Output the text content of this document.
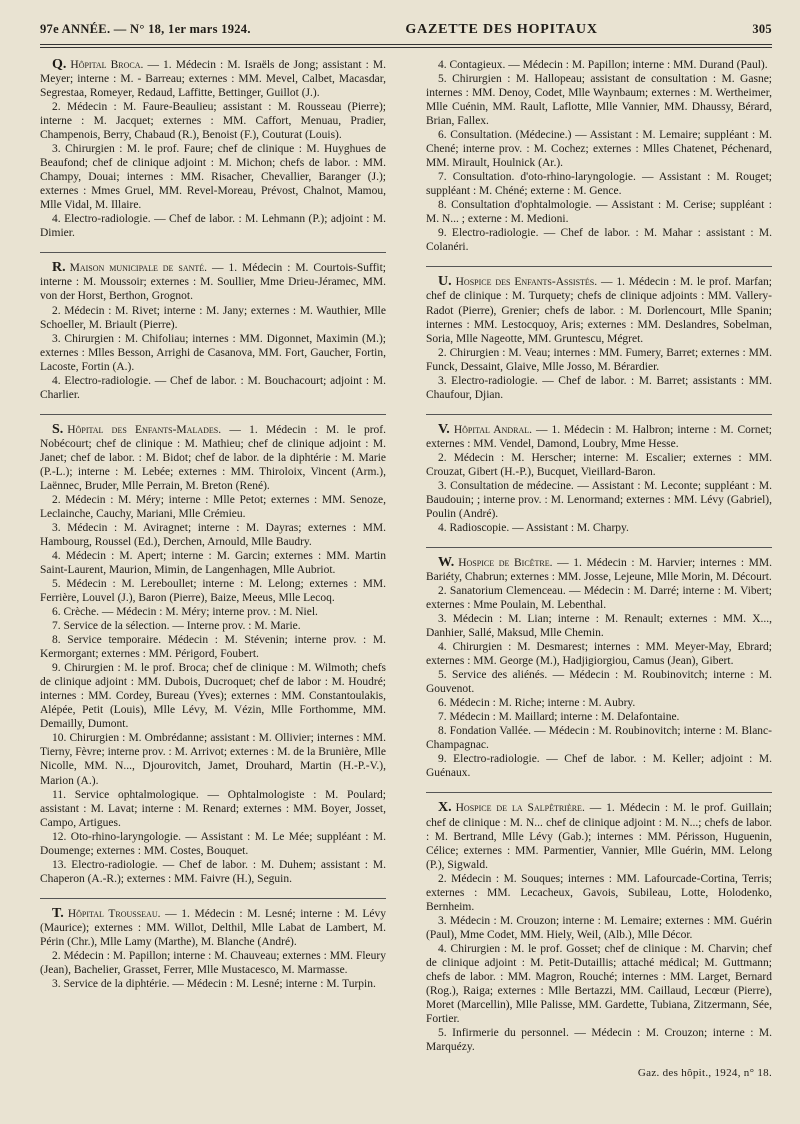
97e ANNÉE. — N° 18, 1er mars 1924.	GAZETTE DES HOPITAUX	305

Q. Hôpital Broca. — 1. Médecin : M. Israëls de Jong; assistant : M. Meyer; interne : M. - Barreau; externes : MM. Mevel, Calbet, Macasdar, Segrestaa, Romeyer, Redaud, Laffitte, Bettinger, Guillot (J.).

2. Médecin : M. Faure-Beaulieu; assistant : M. Rousseau (Pierre); interne : M. Jacquet; externes : MM. Caffort, Menuau, Pradier, Champenois, Berry, Chabaud (R.), Benoist (F.), Couturat (Louis).

3. Chirurgien : M. le prof. Faure; chef de clinique : M. Huyghues de Beaufond; chef de clinique adjoint : M. Michon; chefs de labor. : MM. Champy, Douai; internes : MM. Risacher, Chevallier, Baranger (J.); externes : Mmes Gruel, MM. Revel-Moreau, Prévost, Chalnot, Mamou, Mlle Vidal, M. Illaire.

4. Electro-radiologie. — Chef de labor. : M. Lehmann (P.); adjoint : M. Dimier.

R. Maison municipale de santé. — 1. Médecin : M. Courtois-Suffit; interne : M. Moussoir; externes : M. Soullier, Mme Drieu-Jéramec, MM. von der Horst, Berthon, Grognot.

2. Médecin : M. Rivet; interne : M. Jany; externes : M. Wauthier, Mlle Schoeller, M. Briault (Pierre).

3. Chirurgien : M. Chifoliau; internes : MM. Digonnet, Maximin (M.); externes : Mlles Besson, Arrighi de Casanova, MM. Fort, Gaucher, Fortin, Lacoste, Fortin (A.).

4. Electro-radiologie. — Chef de labor. : M. Bouchacourt; adjoint : M. Charlier.

S. Hôpital des Enfants-Malades. — 1. Médecin : M. le prof. Nobécourt; chef de clinique : M. Mathieu; chef de clinique adjoint : M. Janet; chef de labor. : M. Bidot; chef de labor. de la diphtérie : M. Marie (P.-L.); interne : M. Lebée; externes : MM. Thiroloix, Vincent (Arm.), Laënnec, Bruder, Mlle Perrain, M. Breton (René).

2. Médecin : M. Méry; interne : Mlle Petot; externes : MM. Senoze, Leclainche, Cauchy, Mariani, Mlle Crémieu.

3. Médecin : M. Aviragnet; interne : M. Dayras; externes : MM. Hambourg, Roussel (Ed.), Derchen, Arnould, Mlle Baudry.

4. Médecin : M. Apert; interne : M. Garcin; externes : MM. Martin Saint-Laurent, Maurion, Mimin, de Langenhagen, Mlle Aubriot.

5. Médecin : M. Lereboullet; interne : M. Lelong; externes : MM. Ferrière, Louvel (J.), Baron (Pierre), Baize, Meeus, Mlle Lecoq.

6. Crèche. — Médecin : M. Méry; interne prov. : M. Niel.

7. Service de la sélection. — Interne prov. : M. Marie.

8. Service temporaire. Médecin : M. Stévenin; interne prov. : M. Kermorgant; externes : MM. Périgord, Foubert.

9. Chirurgien : M. le prof. Broca; chef de clinique : M. Wilmoth; chefs de clinique adjoint : MM. Dubois, Ducroquet; chef de labor : M. Houdré; internes : MM. Cordey, Bureau (Yves); externes : MM. Constantoulakis, Alépée, Petit (Louis), Mlle Lévy, M. Vézin, Mlle Forthomme, MM. Demailly, Dumont.

10. Chirurgien : M. Ombrédanne; assistant : M. Ollivier; internes : MM. Tierny, Fèvre; interne prov. : M. Arrivot; externes : M. de la Brunière, Mlle Nicolle, MM. N..., Djourovitch, Jamet, Drouhard, Martin (H.-P.-V.), Marion (A.).

11. Service ophtalmologique. — Ophtalmologiste : M. Poulard; assistant : M. Lavat; interne : M. Renard; externes : MM. Boyer, Josset, Campo, Artigues.

12. Oto-rhino-laryngologie. — Assistant : M. Le Mée; suppléant : M. Doumenge; externes : MM. Costes, Bouquet.

13. Electro-radiologie. — Chef de labor. : M. Duhem; assistant : M. Chaperon (A.-R.); externes : MM. Faivre (H.), Seguin.

T. Hôpital Trousseau. — 1. Médecin : M. Lesné; interne : M. Lévy (Maurice); externes : MM. Willot, Delthil, Mlle Labat de Lambert, M. Périn (Chr.), Mlle Lamy (Marthe), M. Blanche (André).

2. Médecin : M. Papillon; interne : M. Chauveau; externes : MM. Fleury (Jean), Bachelier, Grasset, Ferrer, Mlle Mustacesco, M. Marmasse.

3. Service de la diphtérie. — Médecin : M. Lesné; interne : M. Turpin.

4. Contagieux. — Médecin : M. Papillon; interne : MM. Durand (Paul).

5. Chirurgien : M. Hallopeau; assistant de consultation : M. Gasne; internes : MM. Denoy, Codet, Mlle Waynbaum; externes : M. Wertheimer, Mlle Cuénin, MM. Rault, Laflotte, Mlle Vannier, MM. Dhaussy, Bérard, Brian, Fallex.

6. Consultation. (Médecine.) — Assistant : M. Lemaire; suppléant : M. Chené; interne prov. : M. Cochez; externes : Mlles Chatenet, Péchenard, MM. Mirault, Houlnick (Ar.).

7. Consultation. d'oto-rhino-laryngologie. — Assistant : M. Rouget; suppléant : M. Chéné; externe : M. Gence.

8. Consultation d'ophtalmologie. — Assistant : M. Cerise; suppléant : M. N... ; externe : M. Medioni.

9. Electro-radiologie. — Chef de labor. : M. Mahar : assistant : M. Colanéri.

U. Hospice des Enfants-Assistés. — 1. Médecin : M. le prof. Marfan; chef de clinique : M. Turquety; chefs de clinique adjoints : MM. Vallery-Radot (Pierre), Grenier; chefs de labor. : M. Dorlencourt, Mlle Spanin; internes : MM. Lestocquoy, Aris; externes : MM. Deslandres, Sobelman, Soria, Mlle Nageotte, MM. Gruntescu, Mégret.

2. Chirurgien : M. Veau; internes : MM. Fumery, Barret; externes : MM. Funck, Dessaint, Glaive, Mlle Josso, M. Bérardier.

3. Electro-radiologie. — Chef de labor. : M. Barret; assistants : MM. Chaufour, Djian.

V. Hôpital Andral. — 1. Médecin : M. Halbron; interne : M. Cornet; externes : MM. Vendel, Damond, Loubry, Mme Hesse.

2. Médecin : M. Herscher; interne: M. Escalier; externes : MM. Crouzat, Gibert (H.-P.), Bucquet, Vieillard-Baron.

3. Consultation de médecine. — Assistant : M. Leconte; suppléant : M. Baudouin; ; interne prov. : M. Lenormand; externes : MM. Lévy (Gabriel), Poulin (André).

4. Radioscopie. — Assistant : M. Charpy.

W. Hospice de Bicêtre. — 1. Médecin : M. Harvier; internes : MM. Bariéty, Chabrun; externes : MM. Josse, Lejeune, Mlle Morin, M. Décourt.

2. Sanatorium Clemenceau. — Médecin : M. Darré; interne : M. Vibert; externes : Mme Poulain, M. Lebenthal.

3. Médecin : M. Lian; interne : M. Renault; externes : MM. X..., Danhier, Sallé, Maksud, Mlle Chemin.

4. Chirurgien : M. Desmarest; internes : MM. Meyer-May, Ebrard; externes : MM. George (M.), Hadjigiorgiou, Camus (Jean), Gibert.

5. Service des aliénés. — Médecin : M. Roubinovitch; interne : M. Gouvenot.

6. Médecin : M. Riche; interne : M. Aubry.

7. Médecin : M. Maillard; interne : M. Delafontaine.

8. Fondation Vallée. — Médecin : M. Roubinovitch; interne : M. Blanc-Champagnac.

9. Electro-radiologie. — Chef de labor. : M. Keller; adjoint : M. Guénaux.

X. Hospice de la Salpêtrière. — 1. Médecin : M. le prof. Guillain; chef de clinique : M. N... chef de clinique adjoint : M. N...; chefs de labor. : M. Bertrand, Mlle Lévy (Gab.); internes : MM. Périsson, Huguenin, Célice; externes : MM. Parmentier, Vannier, Mlle Guérin, MM. Lelong (P.), Sigwald.

2. Médecin : M. Souques; internes : MM. Lafourcade-Cortina, Terris; externes : MM. Lecacheux, Gavois, Subileau, Lotte, Holodenko, Bernheim.

3. Médecin : M. Crouzon; interne : M. Lemaire; externes : MM. Guérin (Paul), Mme Codet, MM. Hiely, Weil, (Alb.), Mlle Décor.

4. Chirurgien : M. le prof. Gosset; chef de clinique : M. Charvin; chef de clinique adjoint : M. Petit-Dutaillis; attaché médical; M. Guttmann; chefs de labor. : MM. Magron, Rouché; internes : MM. Larget, Bernard (Rog.), Raiga; externes : Mlle Bertazzi, MM. Caillaud, Lecœur (Pierre), Moret (Marcellin), Mlle Palisse, MM. Gardette, Tubiana, Zitzermann, Sée, Fortier.

5. Infirmerie du personnel. — Médecin : M. Crouzon; interne : M. Marquézy.

Gaz. des hôpit., 1924, n° 18.
